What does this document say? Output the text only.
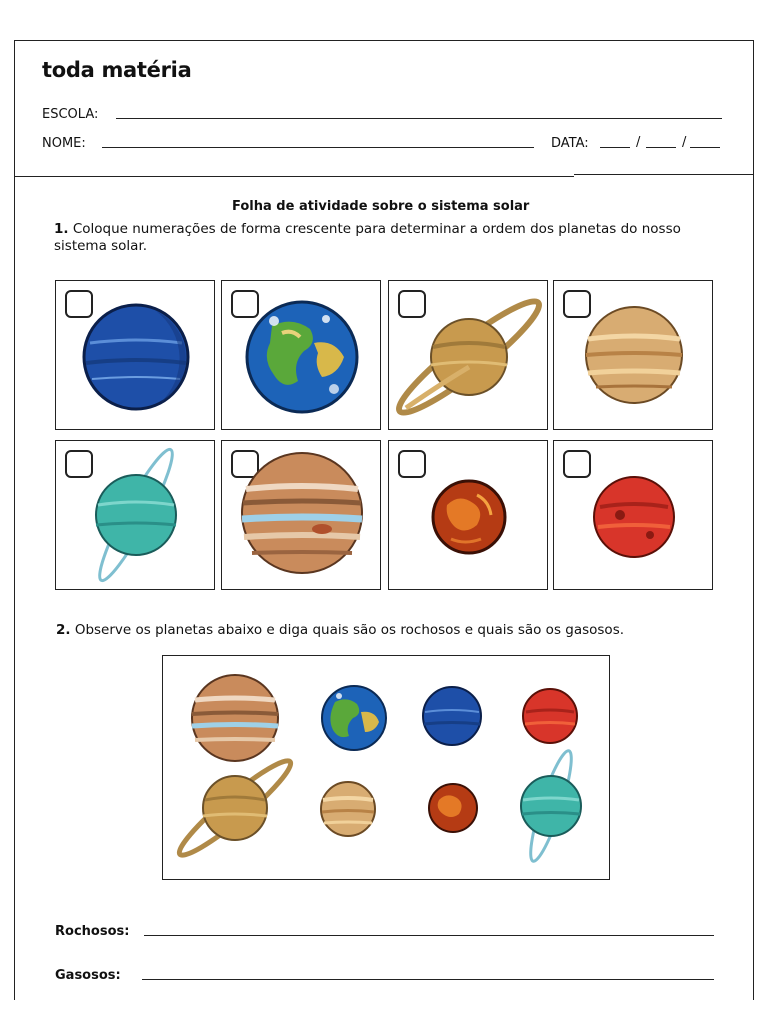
toda matéria
ESCOLA:
NOME:	DATA:	/	/
Folha de atividade sobre o sistema solar
1. Coloque numerações de forma crescente para determinar a ordem dos planetas do nosso sistema solar.
2. Observe os planetas abaixo e diga quais são os rochosos e quais são os gasosos.
Rochosos:
Gasosos:
